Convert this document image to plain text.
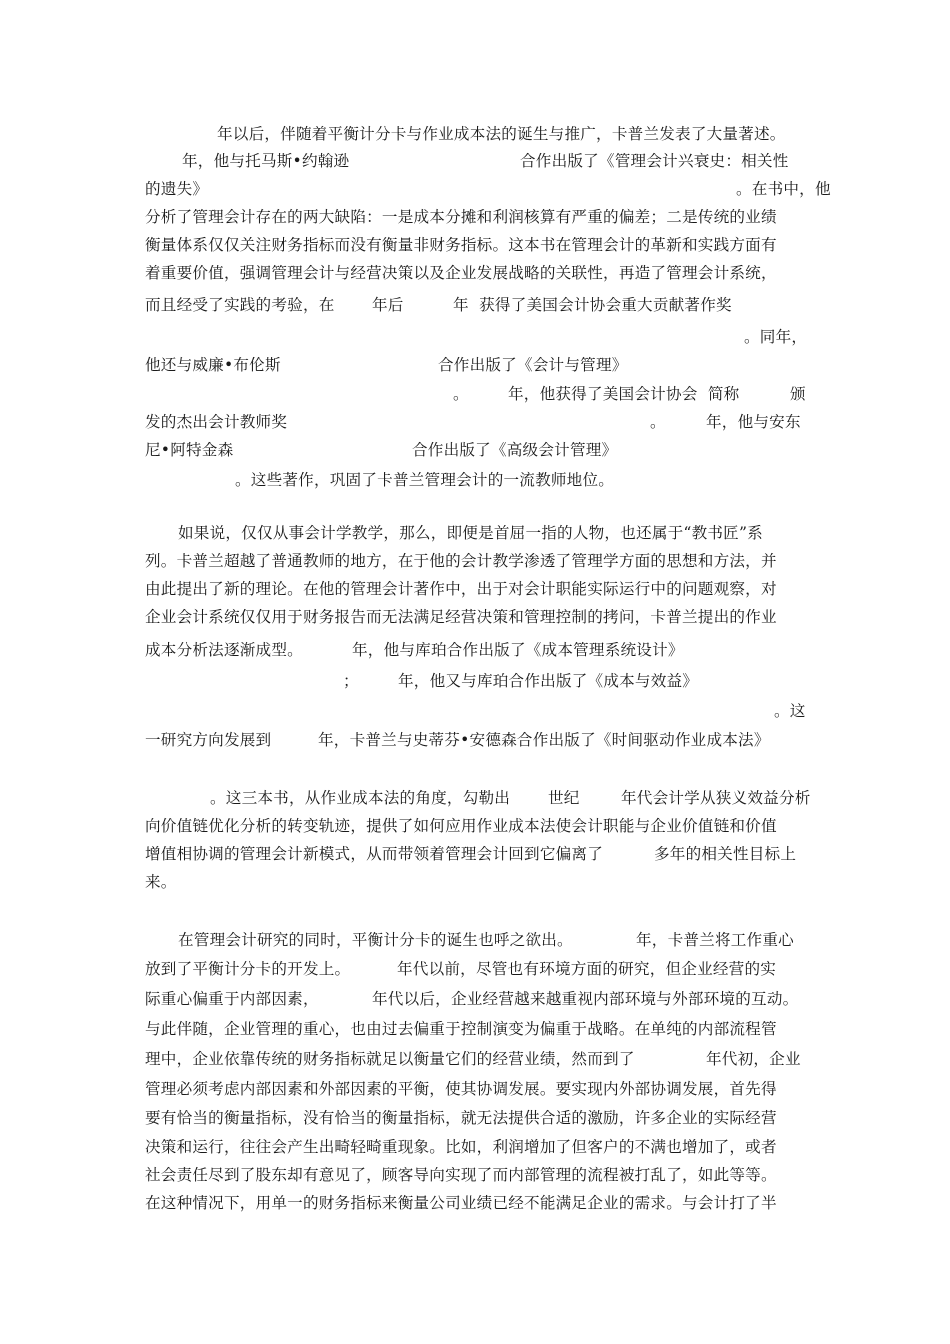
年以后，伴随着平衡计分卡与作业成本法的诞生与推广，卡普兰发表了大量著述。
年，他与托马斯•约翰逊	合作出版了《管理会计兴衰史：相关性
的遗失》	。在书中，他
分析了管理会计存在的两大缺陷：一是成本分摊和利润核算有严重的偏差；二是传统的业绩
衡量体系仅仅关注财务指标而没有衡量非财务指标。这本书在管理会计的革新和实践方面有
着重要价值，强调管理会计与经营决策以及企业发展战略的关联性，再造了管理会计系统，
而且经受了实践的考验，在 年后	年  获得了美国会计协会重大贡献著作奖
。同年，
他还与威廉•布伦斯	合作出版了《会计与管理》
。	年，他获得了美国会计协会  简称	颁
发的杰出会计教师奖	。	年，他与安东
尼•阿特金森	合作出版了《高级会计管理》
。这些著作，巩固了卡普兰管理会计的一流教师地位。
如果说，仅仅从事会计学教学，那么，即便是首屈一指的人物，也还属于“教书匠”系
列。卡普兰超越了普通教师的地方，在于他的会计教学渗透了管理学方面的思想和方法，并
由此提出了新的理论。在他的管理会计著作中，出于对会计职能实际运行中的问题观察，对
企业会计系统仅仅用于财务报告而无法满足经营决策和管理控制的拷问，卡普兰提出的作业
成本分析法逐渐成型。	年，他与库珀合作出版了《成本管理系统设计》
；	年，他又与库珀合作出版了《成本与效益》
。这
一研究方向发展到	年，卡普兰与史蒂芬•安德森合作出版了《时间驱动作业成本法》
。这三本书，从作业成本法的角度，勾勒出 世纪	年代会计学从狭义效益分析
向价值链优化分析的转变轨迹，提供了如何应用作业成本法使会计职能与企业价值链和价值
增值相协调的管理会计新模式，从而带领着管理会计回到它偏离了	多年的相关性目标上
来。
在管理会计研究的同时，平衡计分卡的诞生也呼之欲出。	年，卡普兰将工作重心
放到了平衡计分卡的开发上。	年代以前，尽管也有环境方面的研究，但企业经营的实
际重心偏重于内部因素，	年代以后，企业经营越来越重视内部环境与外部环境的互动。
与此伴随，企业管理的重心，也由过去偏重于控制演变为偏重于战略。在单纯的内部流程管
理中，企业依靠传统的财务指标就足以衡量它们的经营业绩，然而到了	年代初，企业
管理必须考虑内部因素和外部因素的平衡，使其协调发展。要实现内外部协调发展，首先得
要有恰当的衡量指标，没有恰当的衡量指标，就无法提供合适的激励，许多企业的实际经营
决策和运行，往往会产生出畸轻畸重现象。比如，利润增加了但客户的不满也增加了，或者
社会责任尽到了股东却有意见了，顾客导向实现了而内部管理的流程被打乱了，如此等等。
在这种情况下，用单一的财务指标来衡量公司业绩已经不能满足企业的需求。与会计打了半
